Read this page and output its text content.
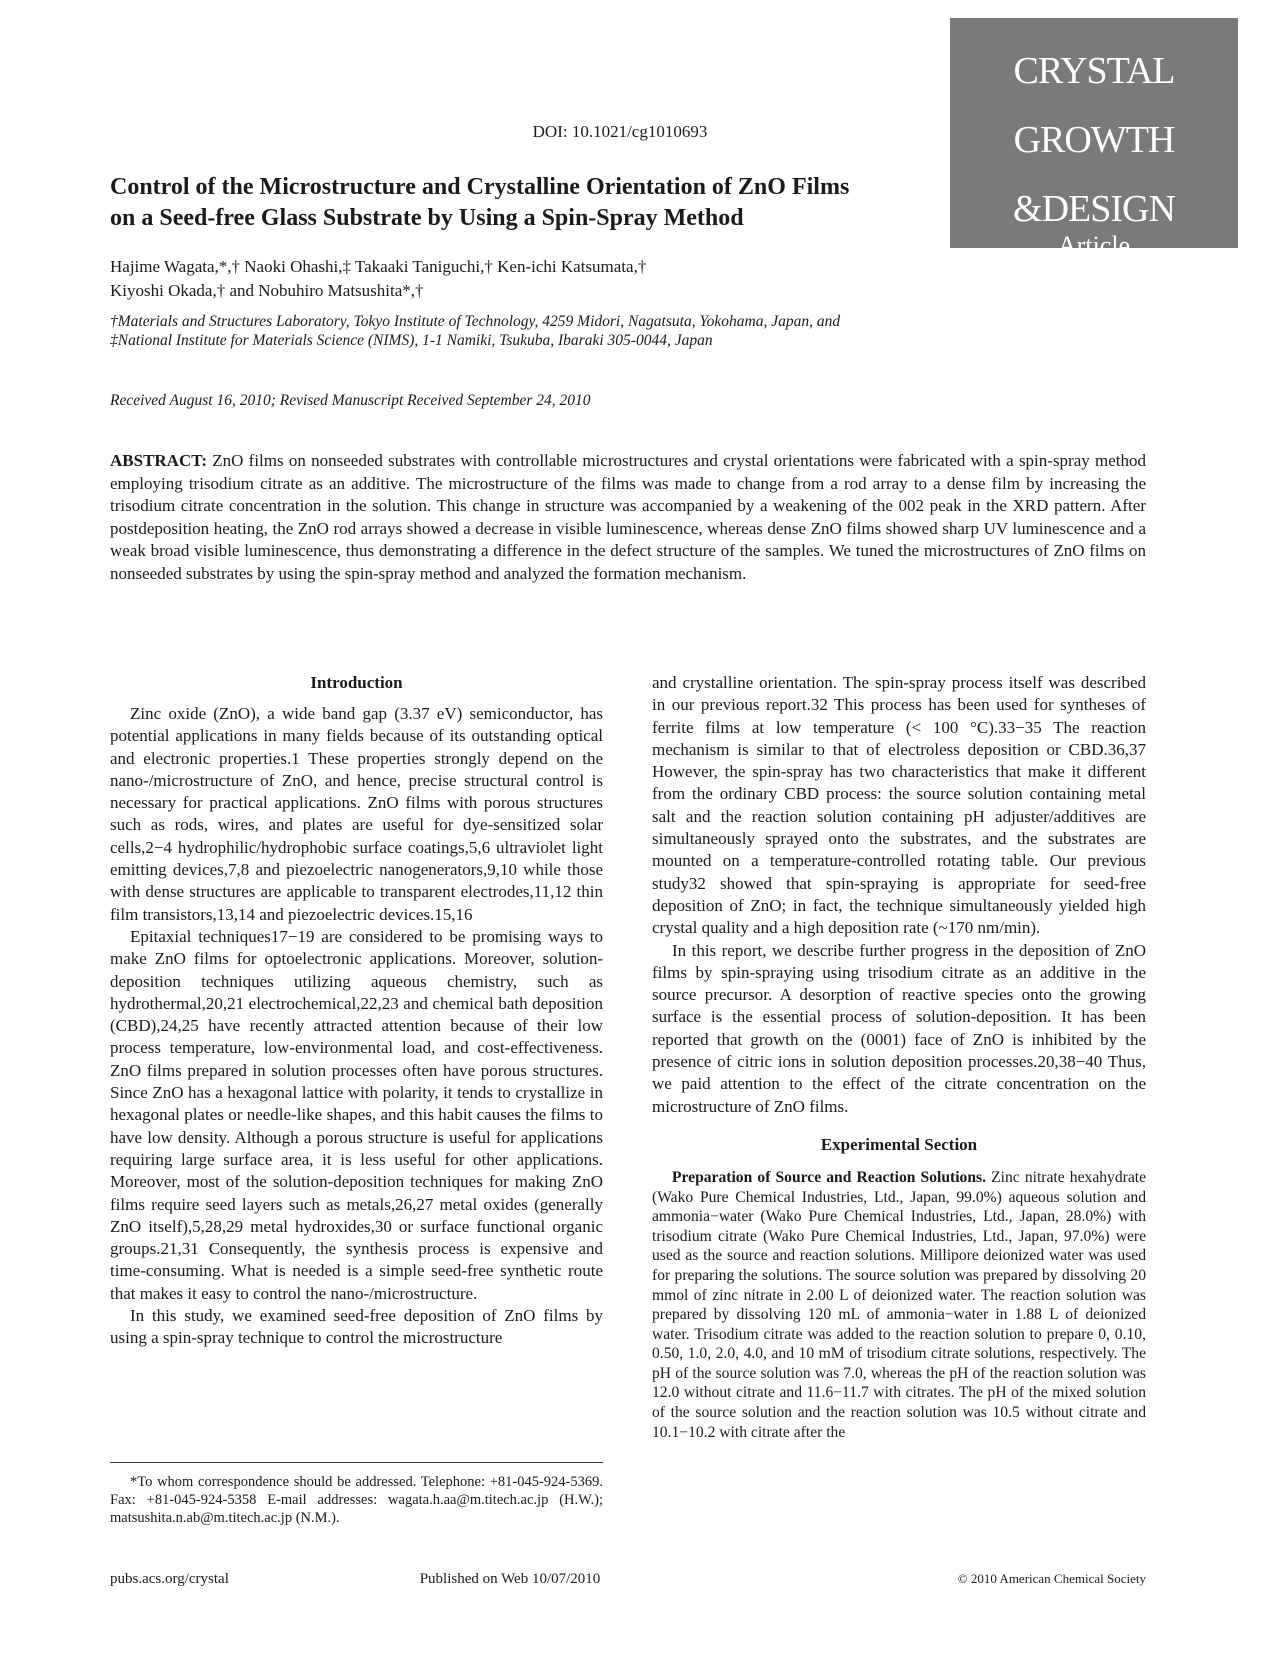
DOI: 10.1021/cg1010693
CRYSTAL
GROWTH
&DESIGN
Article
2010, Vol. 10
4968–4975
Control of the Microstructure and Crystalline Orientation of ZnO Films
on a Seed-free Glass Substrate by Using a Spin-Spray Method
Hajime Wagata,*,† Naoki Ohashi,‡ Takaaki Taniguchi,† Ken-ichi Katsumata,†
Kiyoshi Okada,† and Nobuhiro Matsushita*,†
†Materials and Structures Laboratory, Tokyo Institute of Technology, 4259 Midori, Nagatsuta, Yokohama, Japan, and ‡National Institute for Materials Science (NIMS), 1-1 Namiki, Tsukuba, Ibaraki 305-0044, Japan
Received August 16, 2010; Revised Manuscript Received September 24, 2010
ABSTRACT: ZnO films on nonseeded substrates with controllable microstructures and crystal orientations were fabricated with a spin-spray method employing trisodium citrate as an additive. The microstructure of the films was made to change from a rod array to a dense film by increasing the trisodium citrate concentration in the solution. This change in structure was accompanied by a weakening of the 002 peak in the XRD pattern. After postdeposition heating, the ZnO rod arrays showed a decrease in visible luminescence, whereas dense ZnO films showed sharp UV luminescence and a weak broad visible luminescence, thus demonstrating a difference in the defect structure of the samples. We tuned the microstructures of ZnO films on nonseeded substrates by using the spin-spray method and analyzed the formation mechanism.
Introduction

Zinc oxide (ZnO), a wide band gap (3.37 eV) semiconductor, has potential applications in many fields because of its outstanding optical and electronic properties.1 These properties strongly depend on the nano-/microstructure of ZnO, and hence, precise structural control is necessary for practical applications. ZnO films with porous structures such as rods, wires, and plates are useful for dye-sensitized solar cells,2−4 hydrophilic/hydrophobic surface coatings,5,6 ultraviolet light emitting devices,7,8 and piezoelectric nanogenerators,9,10 while those with dense structures are applicable to transparent electrodes,11,12 thin film transistors,13,14 and piezoelectric devices.15,16

Epitaxial techniques17−19 are considered to be promising ways to make ZnO films for optoelectronic applications. Moreover, solution-deposition techniques utilizing aqueous chemistry, such as hydrothermal,20,21 electrochemical,22,23 and chemical bath deposition (CBD),24,25 have recently attracted attention because of their low process temperature, low-environmental load, and cost-effectiveness. ZnO films prepared in solution processes often have porous structures. Since ZnO has a hexagonal lattice with polarity, it tends to crystallize in hexagonal plates or needle-like shapes, and this habit causes the films to have low density. Although a porous structure is useful for applications requiring large surface area, it is less useful for other applications. Moreover, most of the solution-deposition techniques for making ZnO films require seed layers such as metals,26,27 metal oxides (generally ZnO itself),5,28,29 metal hydroxides,30 or surface functional organic groups.21,31 Consequently, the synthesis process is expensive and time-consuming. What is needed is a simple seed-free synthetic route that makes it easy to control the nano-/microstructure.

In this study, we examined seed-free deposition of ZnO films by using a spin-spray technique to control the microstructure

and crystalline orientation. The spin-spray process itself was described in our previous report.32 This process has been used for syntheses of ferrite films at low temperature (< 100 °C).33−35 The reaction mechanism is similar to that of electroless deposition or CBD.36,37 However, the spin-spray has two characteristics that make it different from the ordinary CBD process: the source solution containing metal salt and the reaction solution containing pH adjuster/additives are simultaneously sprayed onto the substrates, and the substrates are mounted on a temperature-controlled rotating table. Our previous study32 showed that spin-spraying is appropriate for seed-free deposition of ZnO; in fact, the technique simultaneously yielded high crystal quality and a high deposition rate (~170 nm/min).

In this report, we describe further progress in the deposition of ZnO films by spin-spraying using trisodium citrate as an additive in the source precursor. A desorption of reactive species onto the growing surface is the essential process of solution-deposition. It has been reported that growth on the (0001) face of ZnO is inhibited by the presence of citric ions in solution deposition processes.20,38−40 Thus, we paid attention to the effect of the citrate concentration on the microstructure of ZnO films.

Experimental Section

Preparation of Source and Reaction Solutions. Zinc nitrate hexahydrate (Wako Pure Chemical Industries, Ltd., Japan, 99.0%) aqueous solution and ammonia−water (Wako Pure Chemical Industries, Ltd., Japan, 28.0%) with trisodium citrate (Wako Pure Chemical Industries, Ltd., Japan, 97.0%) were used as the source and reaction solutions. Millipore deionized water was used for preparing the solutions. The source solution was prepared by dissolving 20 mmol of zinc nitrate in 2.00 L of deionized water. The reaction solution was prepared by dissolving 120 mL of ammonia−water in 1.88 L of deionized water. Trisodium citrate was added to the reaction solution to prepare 0, 0.10, 0.50, 1.0, 2.0, 4.0, and 10 mM of trisodium citrate solutions, respectively. The pH of the source solution was 7.0, whereas the pH of the reaction solution was 12.0 without citrate and 11.6−11.7 with citrates. The pH of the mixed solution of the source solution and the reaction solution was 10.5 without citrate and 10.1−10.2 with citrate after the

*To whom correspondence should be addressed. Telephone: +81-045-924-5369. Fax: +81-045-924-5358 E-mail addresses: wagata.h.aa@m.titech.ac.jp (H.W.); matsushita.n.ab@m.titech.ac.jp (N.M.).
pubs.acs.org/crystal	Published on Web 10/07/2010	© 2010 American Chemical Society
